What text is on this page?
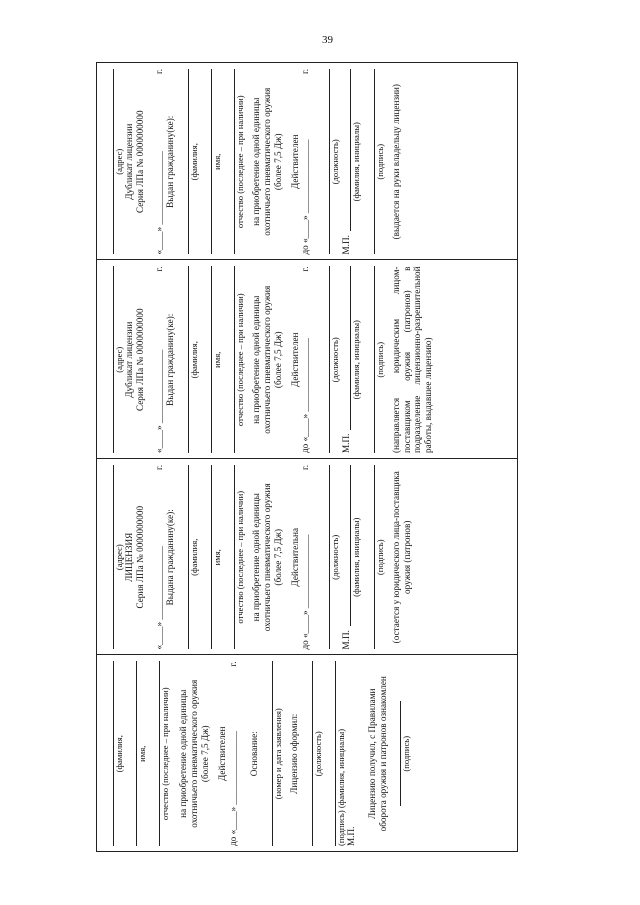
39
(фамилия, имя, отчество (последнее – при наличии) на приобретение одной единицы охотничьего пневматического оружия (более 7,5 Дж) Действителен до «____» ________________
г.
Основание: (номер и дата заявления) Лицензию оформил: (должность) (подпись) (фамилия, инициалы) М.П.
Лицензию получил, с Правилами оборота оружия и патронов ознакомлен (подпись)
(адрес) ЛИЦЕНЗИЯ Серия ЛПа № 0000000000 «____» ________________
г.
Выдана гражданину(ке): (фамилия, имя, отчество (последнее – при наличии) на приобретение одной единицы охотничьего пневматического оружия (более 7,5 Дж) Действительна до «____» ________________
г.
(должность)
М.П.
(фамилия, инициалы) (подпись) (остается у юридического лица-поставщика оружия (патронов)
(адрес) Дубликат лицензии Серия ЛПа № 0000000000 «____» ________________
г.
Выдан гражданину(ке): (фамилия, имя, отчество (последнее – при наличии) на приобретение одной единицы охотничьего пневматического оружия (более 7,5 Дж) Действителен до «____» ________________
г.
(должность)
М.П.
(фамилия, инициалы) (подпись) (направляется юридическим лицом-поставщиком оружия (патронов) в подразделение лицензионно-разрешительной работы, выдавшее лицензию)
(адрес) Дубликат лицензии Серия ЛПа № 0000000000 «____» ________________
г.
Выдан гражданину(ке): (фамилия, имя, отчество (последнее – при наличии) на приобретение одной единицы охотничьего пневматического оружия (более 7,5 Дж) Действителен до «____» ________________
г.
(должность)
М.П.
(фамилия, инициалы) (подпись) (выдается на руки владельцу лицензии)
